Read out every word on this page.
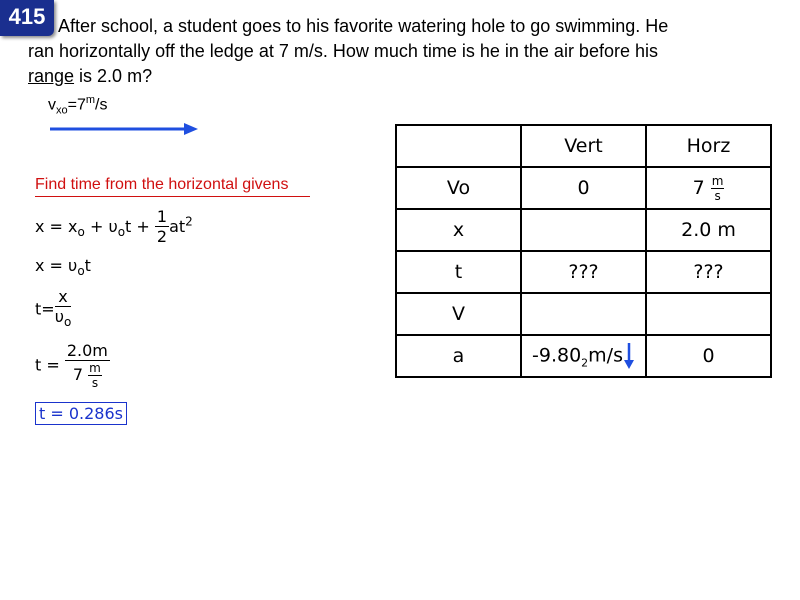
415 After school, a student goes to his favorite watering hole to go swimming. He
ran horizontally off the ledge at 7 m/s. How much time is he in the air before his
range is 2.0 m?
$v_{xo}=7^m/s$
Find time from the horizontal givens
$x = x_o + \upsilon_ot + \frac{1}{2} at^2$
$x = \upsilon_ot$
$t= \frac{x}{\upsilon_o}$
$t = \frac{2.0m}{7 \frac{m}{s}}$
t = 0.286s
	Vert	Horz
Vo	0	$7 \frac{m}{s}$

x		2.0 m
t	???	???
V		
a	$-9.80_2m/s$	0
